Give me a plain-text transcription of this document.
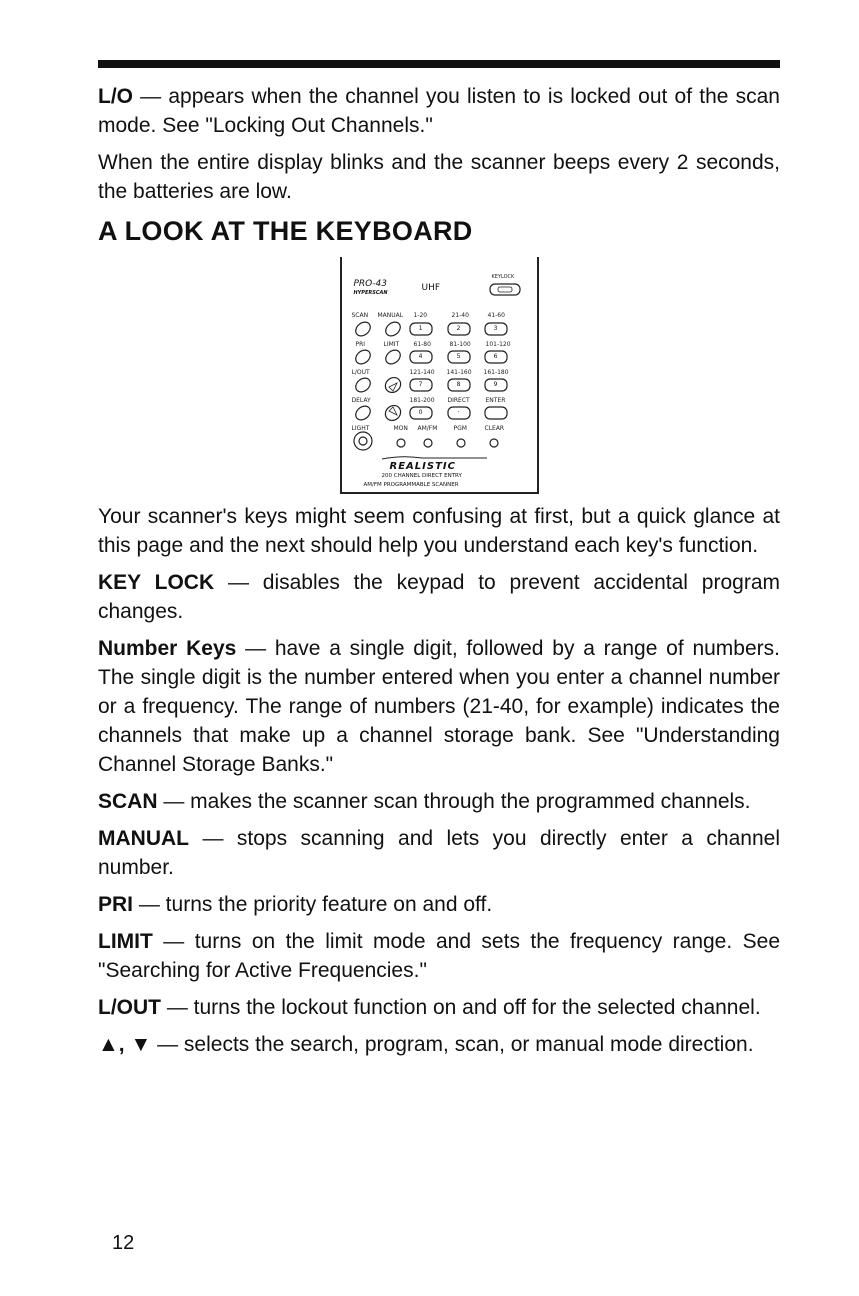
L/O — appears when the channel you listen to is locked out of the scan mode. See "Locking Out Channels."

When the entire display blinks and the scanner beeps every 2 seconds, the batteries are low.

A LOOK AT THE KEYBOARD
PRO-43
HYPERSCAN	UHF
KEYLOCK
SCAN MANUAL 1-20	21-40	41-60
PRI	LIMIT 61-80	81-100 101-120
L/OUT	121-140 141-160 161-180
DELAY	181-200 DIRECT	ENTER
LIGHT	MON AM/FM	PGM	CLEAR
1	2	3
4	5	6
7	8	9
0	·
REALISTIC
200 CHANNEL DIRECT ENTRY
AM/FM PROGRAMMABLE SCANNER

Your scanner's keys might seem confusing at first, but a quick glance at this page and the next should help you understand each key's function.

KEY LOCK — disables the keypad to prevent accidental program changes.

Number Keys — have a single digit, followed by a range of numbers. The single digit is the number entered when you enter a channel number or a frequency. The range of numbers (21-40, for example) indicates the channels that make up a channel storage bank. See "Understanding Channel Storage Banks."

SCAN — makes the scanner scan through the programmed channels.

MANUAL — stops scanning and lets you directly enter a channel number.

PRI — turns the priority feature on and off.

LIMIT — turns on the limit mode and sets the frequency range. See "Searching for Active Frequencies."

L/OUT — turns the lockout function on and off for the selected channel.

▲, ▼ — selects the search, program, scan, or manual mode direction.

12
